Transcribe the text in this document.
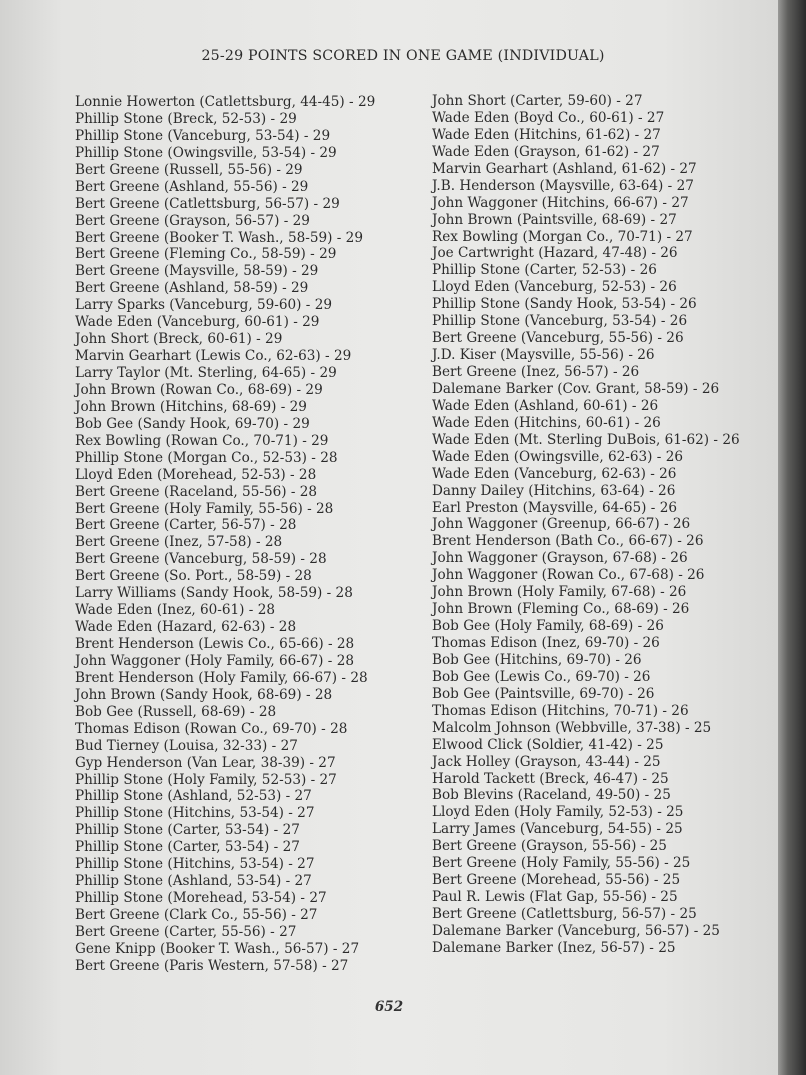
25-29 POINTS SCORED IN ONE GAME (INDIVIDUAL)
Lonnie Howerton (Catlettsburg, 44-45) - 29
Phillip Stone (Breck, 52-53) - 29
Phillip Stone (Vanceburg, 53-54) - 29
Phillip Stone (Owingsville, 53-54) - 29
Bert Greene (Russell, 55-56) - 29
Bert Greene (Ashland, 55-56) - 29
Bert Greene (Catlettsburg, 56-57) - 29
Bert Greene (Grayson, 56-57) - 29
Bert Greene (Booker T. Wash., 58-59) - 29
Bert Greene (Fleming Co., 58-59) - 29
Bert Greene (Maysville, 58-59) - 29
Bert Greene (Ashland, 58-59) - 29
Larry Sparks (Vanceburg, 59-60) - 29
Wade Eden (Vanceburg, 60-61) - 29
John Short (Breck, 60-61) - 29
Marvin Gearhart (Lewis Co., 62-63) - 29
Larry Taylor (Mt. Sterling, 64-65) - 29
John Brown (Rowan Co., 68-69) - 29
John Brown (Hitchins, 68-69) - 29
Bob Gee (Sandy Hook, 69-70) - 29
Rex Bowling (Rowan Co., 70-71) - 29
Phillip Stone (Morgan Co., 52-53) - 28
Lloyd Eden (Morehead, 52-53) - 28
Bert Greene (Raceland, 55-56) - 28
Bert Greene (Holy Family, 55-56) - 28
Bert Greene (Carter, 56-57) - 28
Bert Greene (Inez, 57-58) - 28
Bert Greene (Vanceburg, 58-59) - 28
Bert Greene (So. Port., 58-59) - 28
Larry Williams (Sandy Hook, 58-59) - 28
Wade Eden (Inez, 60-61) - 28
Wade Eden (Hazard, 62-63) - 28
Brent Henderson (Lewis Co., 65-66) - 28
John Waggoner (Holy Family, 66-67) - 28
Brent Henderson (Holy Family, 66-67) - 28
John Brown (Sandy Hook, 68-69) - 28
Bob Gee (Russell, 68-69) - 28
Thomas Edison (Rowan Co., 69-70) - 28
Bud Tierney (Louisa, 32-33) - 27
Gyp Henderson (Van Lear, 38-39) - 27
Phillip Stone (Holy Family, 52-53) - 27
Phillip Stone (Ashland, 52-53) - 27
Phillip Stone (Hitchins, 53-54) - 27
Phillip Stone (Carter, 53-54) - 27
Phillip Stone (Carter, 53-54) - 27
Phillip Stone (Hitchins, 53-54) - 27
Phillip Stone (Ashland, 53-54) - 27
Phillip Stone (Morehead, 53-54) - 27
Bert Greene (Clark Co., 55-56) - 27
Bert Greene (Carter, 55-56) - 27
Gene Knipp (Booker T. Wash., 56-57) - 27
Bert Greene (Paris Western, 57-58) - 27
John Short (Carter, 59-60) - 27
Wade Eden (Boyd Co., 60-61) - 27
Wade Eden (Hitchins, 61-62) - 27
Wade Eden (Grayson, 61-62) - 27
Marvin Gearhart (Ashland, 61-62) - 27
J.B. Henderson (Maysville, 63-64) - 27
John Waggoner (Hitchins, 66-67) - 27
John Brown (Paintsville, 68-69) - 27
Rex Bowling (Morgan Co., 70-71) - 27
Joe Cartwright (Hazard, 47-48) - 26
Phillip Stone (Carter, 52-53) - 26
Lloyd Eden (Vanceburg, 52-53) - 26
Phillip Stone (Sandy Hook, 53-54) - 26
Phillip Stone (Vanceburg, 53-54) - 26
Bert Greene (Vanceburg, 55-56) - 26
J.D. Kiser (Maysville, 55-56) - 26
Bert Greene (Inez, 56-57) - 26
Dalemane Barker (Cov. Grant, 58-59) - 26
Wade Eden (Ashland, 60-61) - 26
Wade Eden (Hitchins, 60-61) - 26
Wade Eden (Mt. Sterling DuBois, 61-62) - 26
Wade Eden (Owingsville, 62-63) - 26
Wade Eden (Vanceburg, 62-63) - 26
Danny Dailey (Hitchins, 63-64) - 26
Earl Preston (Maysville, 64-65) - 26
John Waggoner (Greenup, 66-67) - 26
Brent Henderson (Bath Co., 66-67) - 26
John Waggoner (Grayson, 67-68) - 26
John Waggoner (Rowan Co., 67-68) - 26
John Brown (Holy Family, 67-68) - 26
John Brown (Fleming Co., 68-69) - 26
Bob Gee (Holy Family, 68-69) - 26
Thomas Edison (Inez, 69-70) - 26
Bob Gee (Hitchins, 69-70) - 26
Bob Gee (Lewis Co., 69-70) - 26
Bob Gee (Paintsville, 69-70) - 26
Thomas Edison (Hitchins, 70-71) - 26
Malcolm Johnson (Webbville, 37-38) - 25
Elwood Click (Soldier, 41-42) - 25
Jack Holley (Grayson, 43-44) - 25
Harold Tackett (Breck, 46-47) - 25
Bob Blevins (Raceland, 49-50) - 25
Lloyd Eden (Holy Family, 52-53) - 25
Larry James (Vanceburg, 54-55) - 25
Bert Greene (Grayson, 55-56) - 25
Bert Greene (Holy Family, 55-56) - 25
Bert Greene (Morehead, 55-56) - 25
Paul R. Lewis (Flat Gap, 55-56) - 25
Bert Greene (Catlettsburg, 56-57) - 25
Dalemane Barker (Vanceburg, 56-57) - 25
Dalemane Barker (Inez, 56-57) - 25
652
